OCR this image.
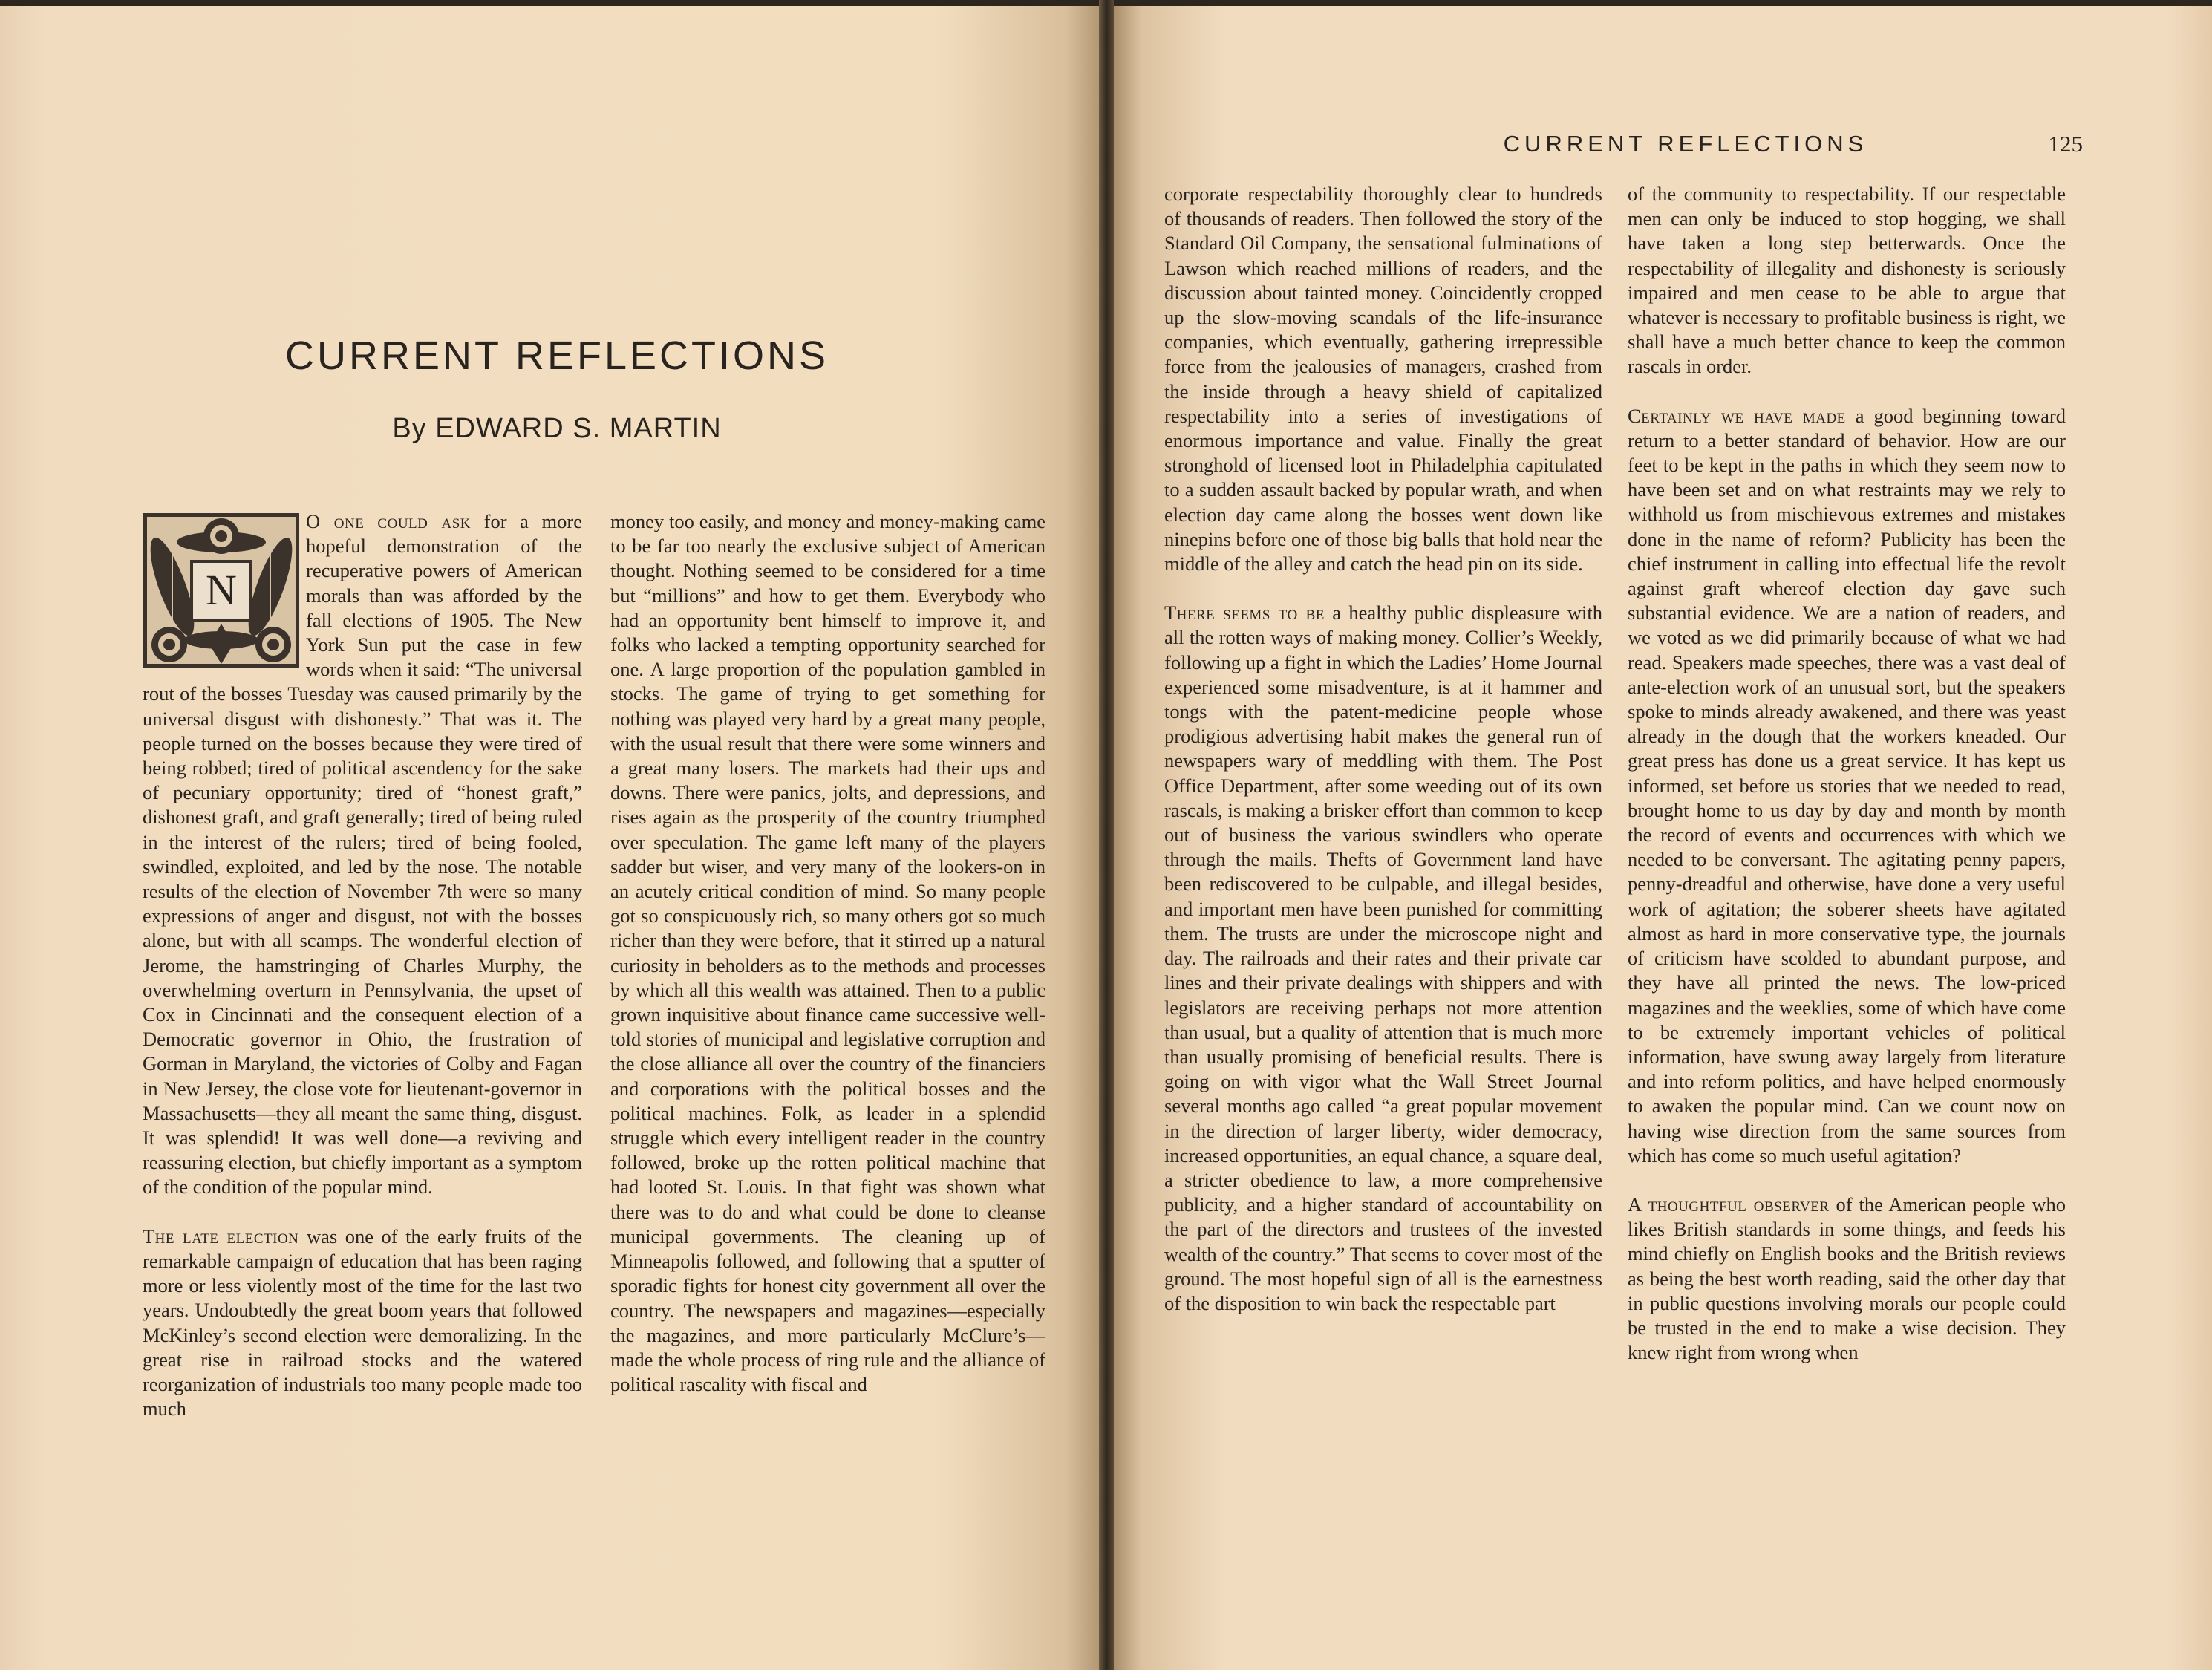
CURRENT REFLECTIONS
By EDWARD S. MARTIN
N

O one could ask for a more hopeful demonstration of the recuperative powers of American morals than was afforded by the fall elections of 1905. The New York Sun put the case in few words when it said: “The universal rout of the bosses Tuesday was caused primarily by the universal disgust with dishonesty.” That was it. The people turned on the bosses because they were tired of being robbed; tired of political ascendency for the sake of pecuniary opportunity; tired of “honest graft,” dishonest graft, and graft generally; tired of being ruled in the interest of the rulers; tired of being fooled, swindled, exploited, and led by the nose. The notable results of the election of November 7th were so many expressions of anger and disgust, not with the bosses alone, but with all scamps. The wonderful election of Jerome, the hamstringing of Charles Murphy, the overwhelming overturn in Pennsylvania, the upset of Cox in Cincinnati and the consequent election of a Democratic governor in Ohio, the frustration of Gorman in Maryland, the victories of Colby and Fagan in New Jersey, the close vote for lieutenant-governor in Massachusetts—they all meant the same thing, disgust. It was splendid! It was well done—a reviving and reassuring election, but chiefly important as a symptom of the condition of the popular mind.

The late election was one of the early fruits of the remarkable campaign of education that has been raging more or less violently most of the time for the last two years. Undoubtedly the great boom years that followed McKinley’s second election were demoralizing. In the great rise in railroad stocks and the watered reorganization of industrials too many people made too much

money too easily, and money and money-making came to be far too nearly the exclusive subject of American thought. Nothing seemed to be considered for a time but “millions” and how to get them. Everybody who had an opportunity bent himself to improve it, and folks who lacked a tempting opportunity searched for one. A large proportion of the population gambled in stocks. The game of trying to get something for nothing was played very hard by a great many people, with the usual result that there were some winners and a great many losers. The markets had their ups and downs. There were panics, jolts, and depressions, and rises again as the prosperity of the country triumphed over speculation. The game left many of the players sadder but wiser, and very many of the lookers-on in an acutely critical condition of mind. So many people got so conspicuously rich, so many others got so much richer than they were before, that it stirred up a natural curiosity in beholders as to the methods and processes by which all this wealth was attained. Then to a public grown inquisitive about finance came successive well-told stories of municipal and legislative corruption and the close alliance all over the country of the financiers and corporations with the political bosses and the political machines. Folk, as leader in a splendid struggle which every intelligent reader in the country followed, broke up the rotten political machine that had looted St. Louis. In that fight was shown what there was to do and what could be done to cleanse municipal governments. The cleaning up of Minneapolis followed, and following that a sputter of sporadic fights for honest city government all over the country. The newspapers and magazines—especially the magazines, and more particularly McClure’s—made the whole process of ring rule and the alliance of political rascality with fiscal and

CURRENT REFLECTIONS	125

corporate respectability thoroughly clear to hundreds of thousands of readers. Then followed the story of the Standard Oil Company, the sensational fulminations of Lawson which reached millions of readers, and the discussion about tainted money. Coincidently cropped up the slow-moving scandals of the life-insurance companies, which eventually, gathering irrepressible force from the jealousies of managers, crashed from the inside through a heavy shield of capitalized respectability into a series of investigations of enormous importance and value. Finally the great stronghold of licensed loot in Philadelphia capitulated to a sudden assault backed by popular wrath, and when election day came along the bosses went down like ninepins before one of those big balls that hold near the middle of the alley and catch the head pin on its side.

There seems to be a healthy public displeasure with all the rotten ways of making money. Collier’s Weekly, following up a fight in which the Ladies’ Home Journal experienced some misadventure, is at it hammer and tongs with the patent-medicine people whose prodigious advertising habit makes the general run of newspapers wary of meddling with them. The Post Office Department, after some weeding out of its own rascals, is making a brisker effort than common to keep out of business the various swindlers who operate through the mails. Thefts of Government land have been rediscovered to be culpable, and illegal besides, and important men have been punished for committing them. The trusts are under the microscope night and day. The railroads and their rates and their private car lines and their private dealings with shippers and with legislators are receiving perhaps not more attention than usual, but a quality of attention that is much more than usually promising of beneficial results. There is going on with vigor what the Wall Street Journal several months ago called “a great popular movement in the direction of larger liberty, wider democracy, increased opportunities, an equal chance, a square deal, a stricter obedience to law, a more comprehensive publicity, and a higher standard of accountability on the part of the directors and trustees of the invested wealth of the country.” That seems to cover most of the ground. The most hopeful sign of all is the earnestness of the disposition to win back the respectable part

of the community to respectability. If our respectable men can only be induced to stop hogging, we shall have taken a long step betterwards. Once the respectability of illegality and dishonesty is seriously impaired and men cease to be able to argue that whatever is necessary to profitable business is right, we shall have a much better chance to keep the common rascals in order.

Certainly we have made a good beginning toward return to a better standard of behavior. How are our feet to be kept in the paths in which they seem now to have been set and on what restraints may we rely to withhold us from mischievous extremes and mistakes done in the name of reform? Publicity has been the chief instrument in calling into effectual life the revolt against graft whereof election day gave such substantial evidence. We are a nation of readers, and we voted as we did primarily because of what we had read. Speakers made speeches, there was a vast deal of ante-election work of an unusual sort, but the speakers spoke to minds already awakened, and there was yeast already in the dough that the workers kneaded. Our great press has done us a great service. It has kept us informed, set before us stories that we needed to read, brought home to us day by day and month by month the record of events and occurrences with which we needed to be conversant. The agitating penny papers, penny-dreadful and otherwise, have done a very useful work of agitation; the soberer sheets have agitated almost as hard in more conservative type, the journals of criticism have scolded to abundant purpose, and they have all printed the news. The low-priced magazines and the weeklies, some of which have come to be extremely important vehicles of political information, have swung away largely from literature and into reform politics, and have helped enormously to awaken the popular mind. Can we count now on having wise direction from the same sources from which has come so much useful agitation?

A thoughtful observer of the American people who likes British standards in some things, and feeds his mind chiefly on English books and the British reviews as being the best worth reading, said the other day that in public questions involving morals our people could be trusted in the end to make a wise decision. They knew right from wrong when
